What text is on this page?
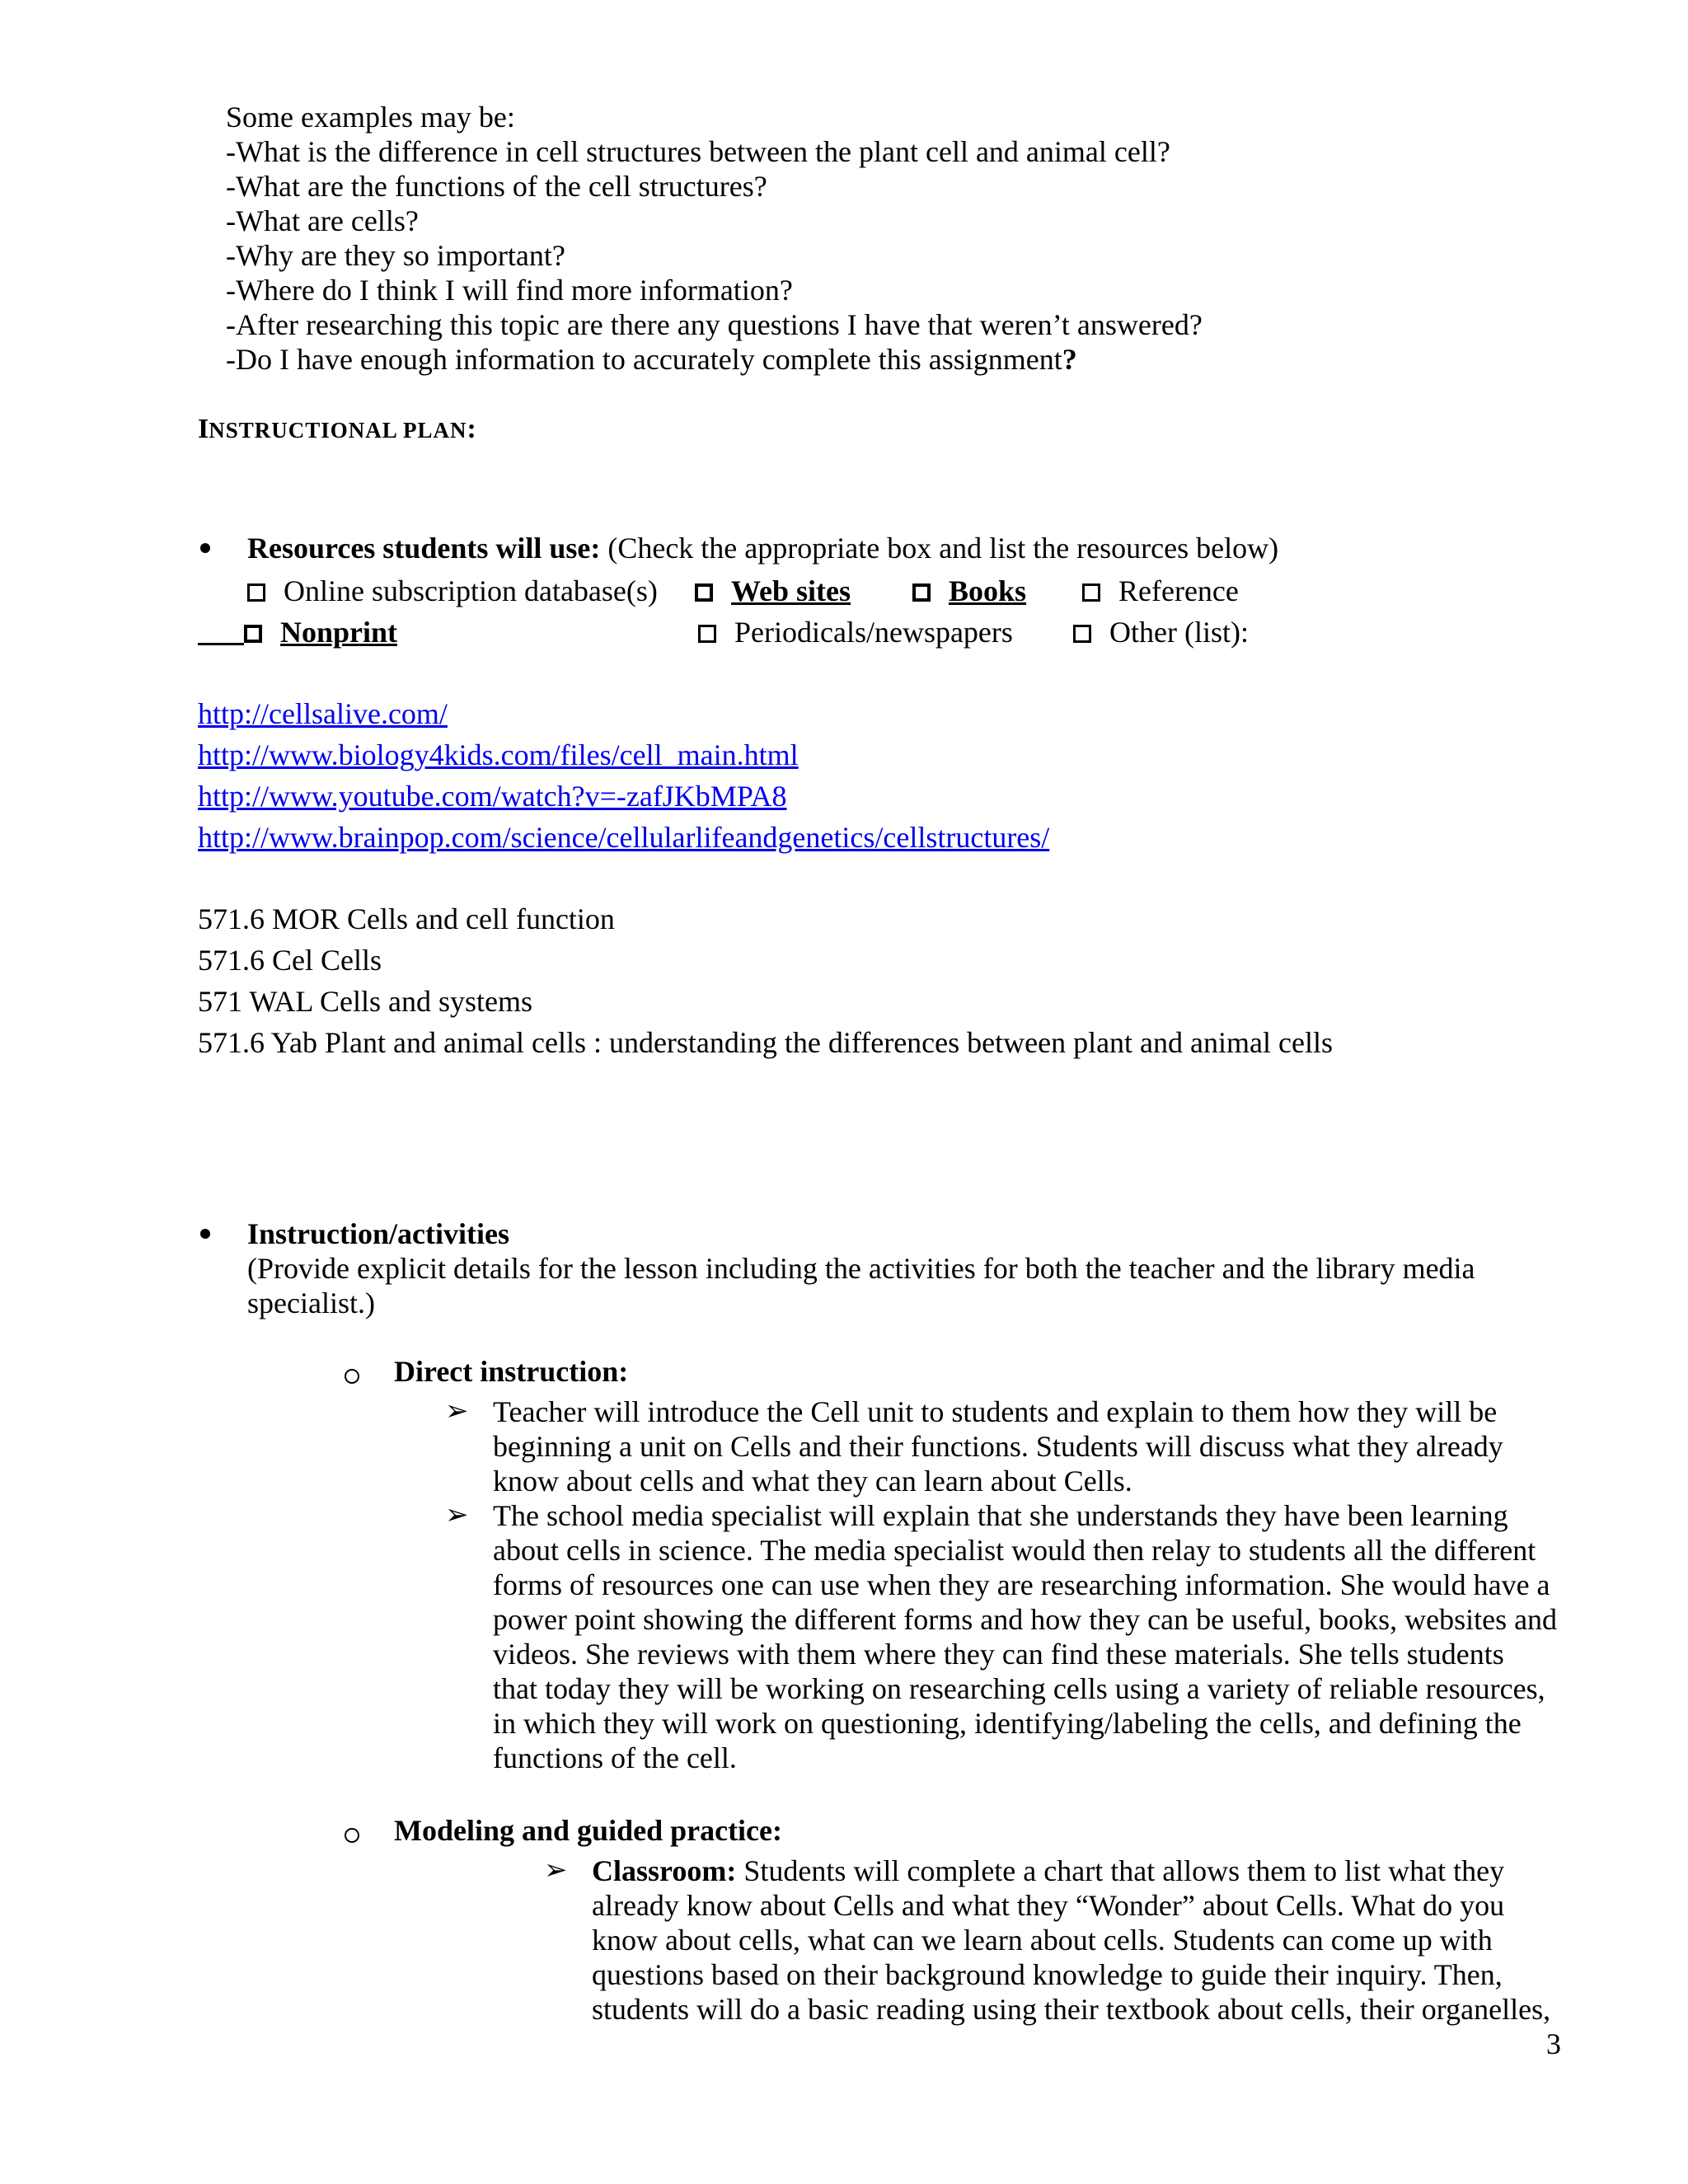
Some examples may be:
-What is the difference in cell structures between the plant cell and animal cell?
-What are the functions of the cell structures?
-What are cells?
-Why are they so important?
-Where do I think I will find more information?
-After researching this topic are there any questions I have that weren’t answered?
-Do I have enough information to accurately complete this assignment?
INSTRUCTIONAL PLAN:
Resources students will use: (Check the appropriate box and list the resources below)
Online subscription database(s)	Web sites	Books	Reference
Nonprint	Periodicals/newspapers	Other (list):
http://cellsalive.com/
http://www.biology4kids.com/files/cell_main.html
http://www.youtube.com/watch?v=-zafJKbMPA8
http://www.brainpop.com/science/cellularlifeandgenetics/cellstructures/
571.6 MOR Cells and cell function
571.6 Cel Cells
571 WAL Cells and systems
571.6 Yab Plant and animal cells : understanding the differences between plant and animal cells
Instruction/activities
(Provide explicit details for the lesson including the activities for both the teacher and the library media
specialist.)
Direct instruction:
➢ Teacher will introduce the Cell unit to students and explain to them how they will be
beginning a unit on Cells and their functions. Students will discuss what they already
know about cells and what they can learn about Cells.
➢ The school media specialist will explain that she understands they have been learning
about cells in science. The media specialist would then relay to students all the different
forms of resources one can use when they are researching information. She would have a
power point showing the different forms and how they can be useful, books, websites and
videos. She reviews with them where they can find these materials. She tells students
that today they will be working on researching cells using a variety of reliable resources,
in which they will work on questioning, identifying/labeling the cells, and defining the
functions of the cell.
Modeling and guided practice:
➢ Classroom: Students will complete a chart that allows them to list what they
already know about Cells and what they “Wonder” about Cells. What do you
know about cells, what can we learn about cells. Students can come up with
questions based on their background knowledge to guide their inquiry. Then,
students will do a basic reading using their textbook about cells, their organelles,
3
